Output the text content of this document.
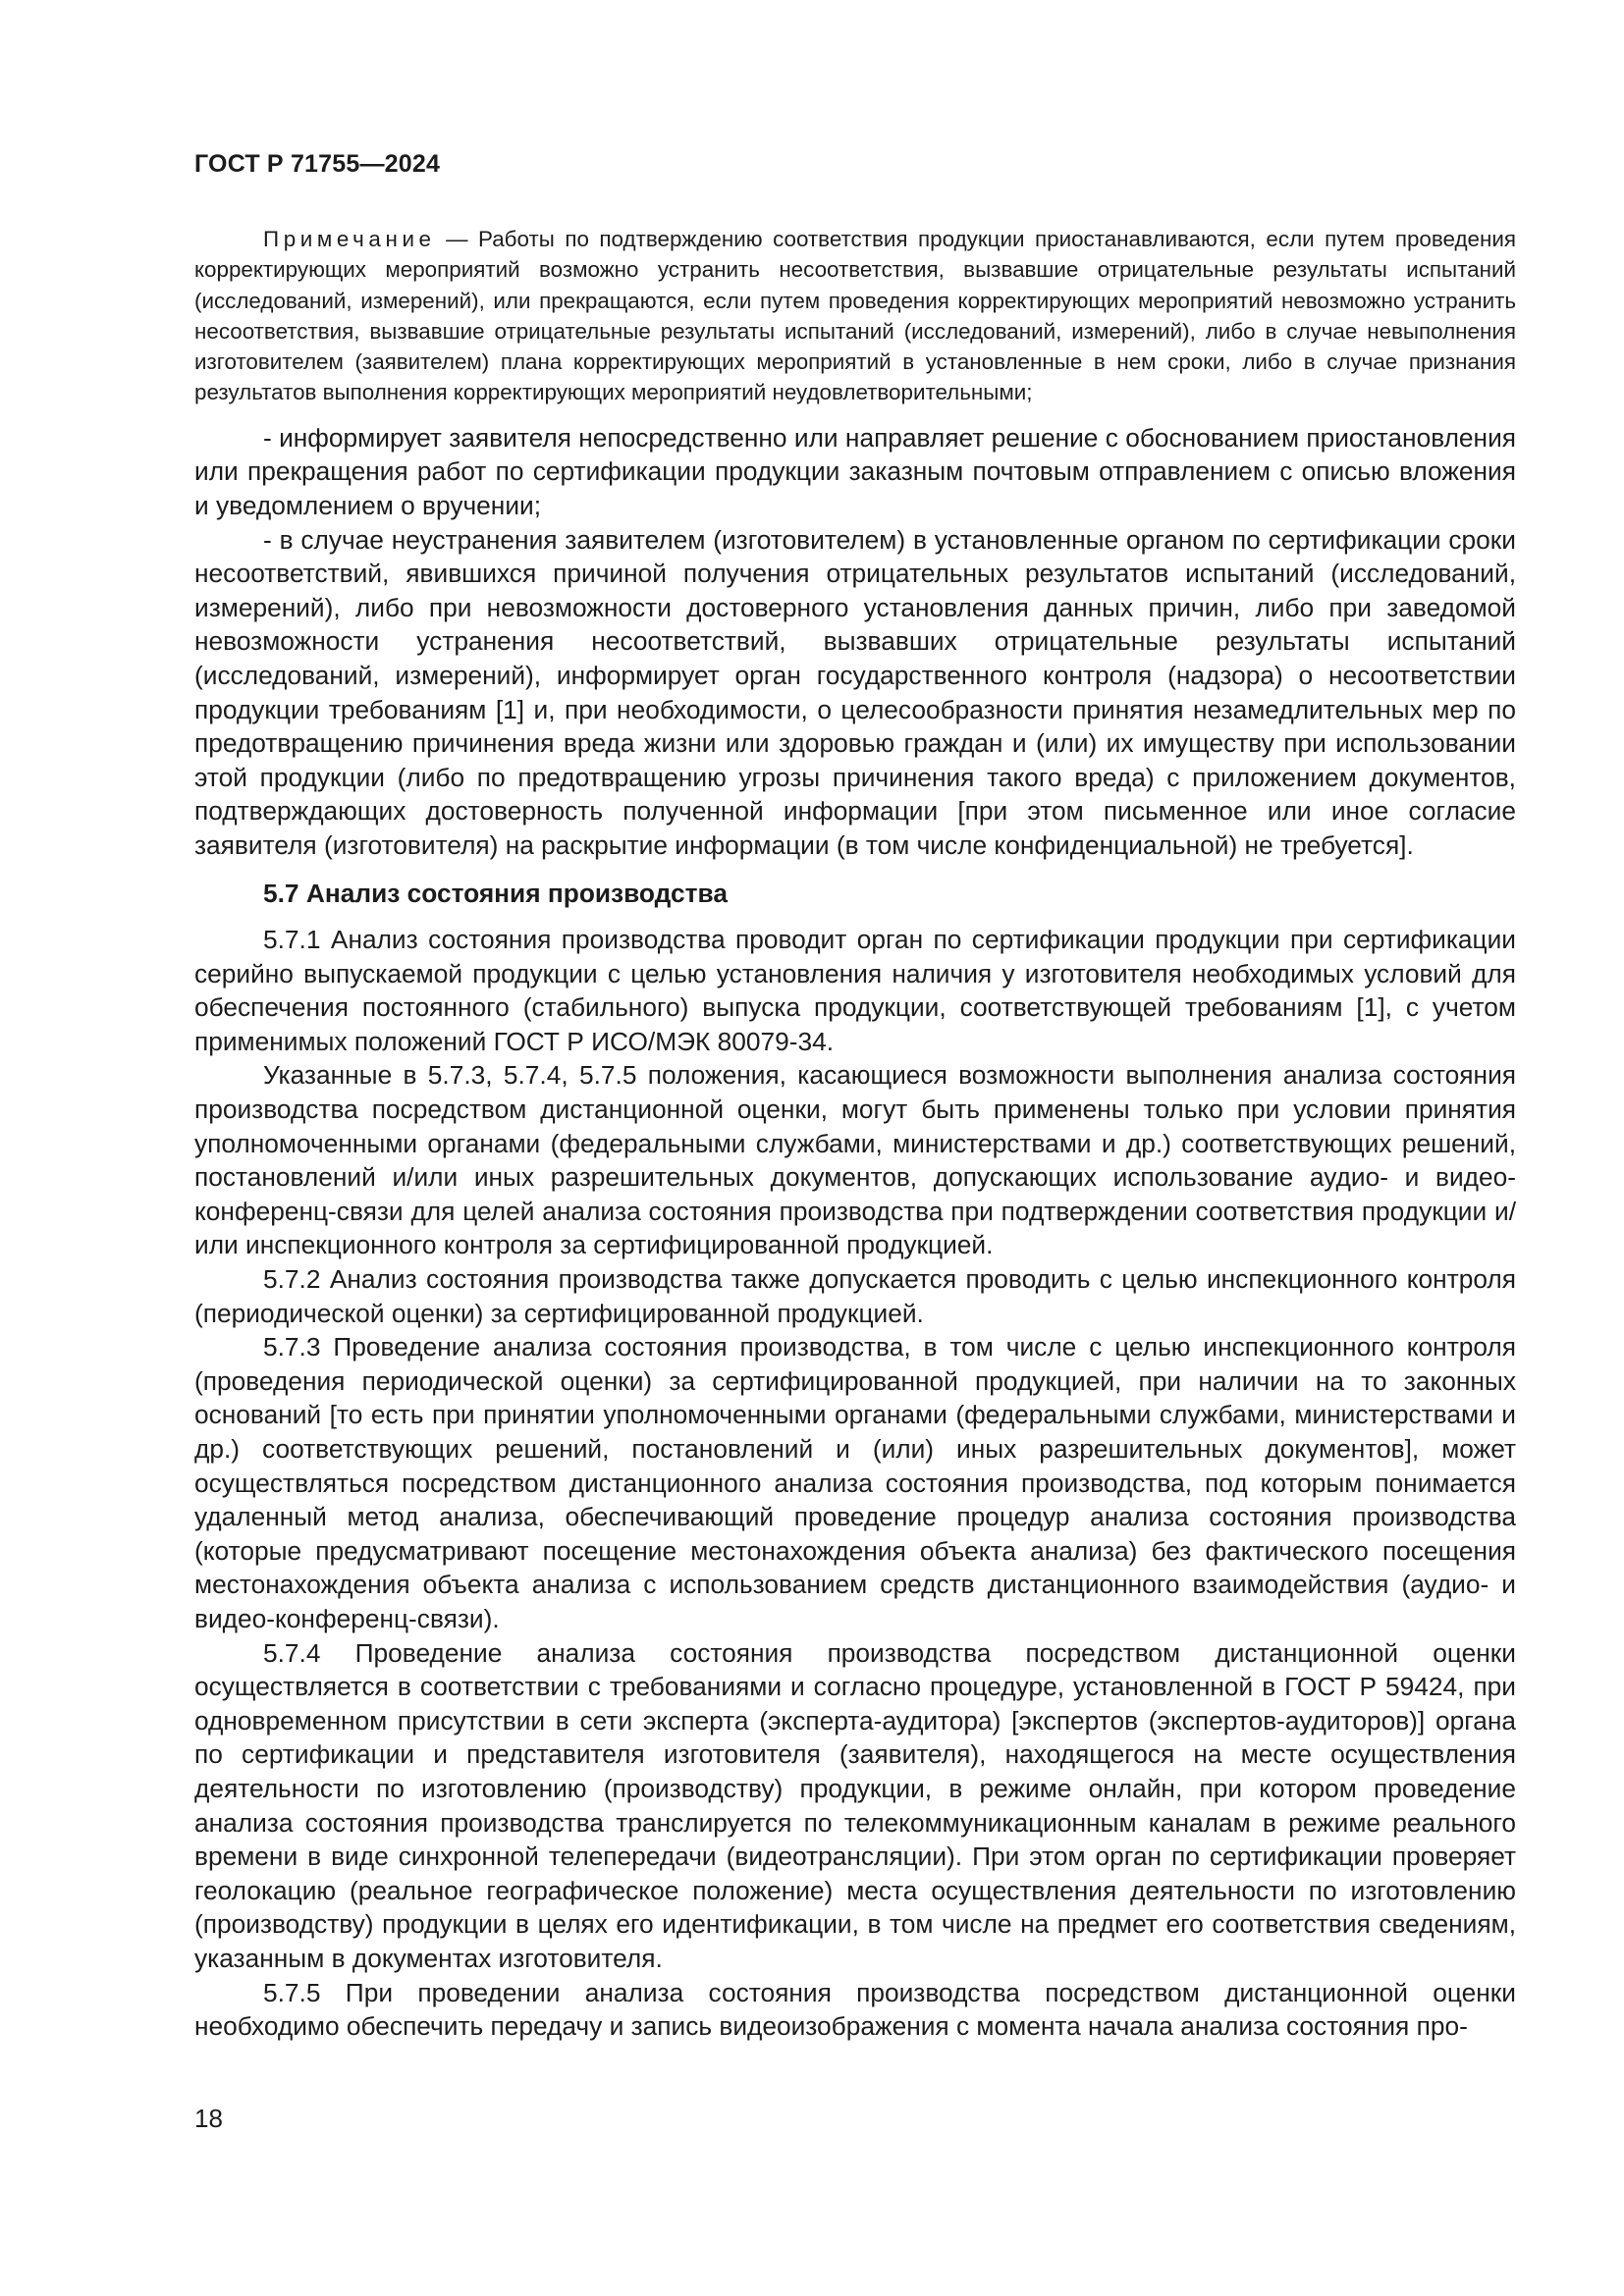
ГОСТ Р 71755—2024

Примечание — Работы по подтверждению соответствия продукции приостанавливаются, если путем проведения корректирующих мероприятий возможно устранить несоответствия, вызвавшие отрицательные результаты испытаний (исследований, измерений), или прекращаются, если путем проведения корректирующих мероприятий невозможно устранить несоответствия, вызвавшие отрицательные результаты испытаний (исследований, измерений), либо в случае невыполнения изготовителем (заявителем) плана корректирующих мероприятий в установленные в нем сроки, либо в случае признания результатов выполнения корректирующих мероприятий неудовлетворительными;

- информирует заявителя непосредственно или направляет решение с обоснованием приостановления или прекращения работ по сертификации продукции заказным почтовым отправлением с описью вложения и уведомлением о вручении;

- в случае неустранения заявителем (изготовителем) в установленные органом по сертификации сроки несоответствий, явившихся причиной получения отрицательных результатов испытаний (исследований, измерений), либо при невозможности достоверного установления данных причин, либо при заведомой невозможности устранения несоответствий, вызвавших отрицательные результаты испытаний (исследований, измерений), информирует орган государственного контроля (надзора) о несоответствии продукции требованиям [1] и, при необходимости, о целесообразности принятия незамедлительных мер по предотвращению причинения вреда жизни или здоровью граждан и (или) их имуществу при использовании этой продукции (либо по предотвращению угрозы причинения такого вреда) с приложением документов, подтверждающих достоверность полученной информации [при этом письменное или иное согласие заявителя (изготовителя) на раскрытие информации (в том числе конфиденциальной) не требуется].

5.7 Анализ состояния производства

5.7.1 Анализ состояния производства проводит орган по сертификации продукции при сертификации серийно выпускаемой продукции с целью установления наличия у изготовителя необходимых условий для обеспечения постоянного (стабильного) выпуска продукции, соответствующей требованиям [1], с учетом применимых положений ГОСТ Р ИСО/МЭК 80079-34.

Указанные в 5.7.3, 5.7.4, 5.7.5 положения, касающиеся возможности выполнения анализа состояния производства посредством дистанционной оценки, могут быть применены только при условии принятия уполномоченными органами (федеральными службами, министерствами и др.) соответствующих решений, постановлений и/или иных разрешительных документов, допускающих использование аудио- и видео-конференц-связи для целей анализа состояния производства при подтверждении соответствия продукции и/или инспекционного контроля за сертифицированной продукцией.

5.7.2 Анализ состояния производства также допускается проводить с целью инспекционного контроля (периодической оценки) за сертифицированной продукцией.

5.7.3 Проведение анализа состояния производства, в том числе с целью инспекционного контроля (проведения периодической оценки) за сертифицированной продукцией, при наличии на то законных оснований [то есть при принятии уполномоченными органами (федеральными службами, министерствами и др.) соответствующих решений, постановлений и (или) иных разрешительных документов], может осуществляться посредством дистанционного анализа состояния производства, под которым понимается удаленный метод анализа, обеспечивающий проведение процедур анализа состояния производства (которые предусматривают посещение местонахождения объекта анализа) без фактического посещения местонахождения объекта анализа с использованием средств дистанционного взаимодействия (аудио- и видео-конференц-связи).

5.7.4 Проведение анализа состояния производства посредством дистанционной оценки осуществляется в соответствии с требованиями и согласно процедуре, установленной в ГОСТ Р 59424, при одновременном присутствии в сети эксперта (эксперта-аудитора) [экспертов (экспертов-аудиторов)] органа по сертификации и представителя изготовителя (заявителя), находящегося на месте осуществления деятельности по изготовлению (производству) продукции, в режиме онлайн, при котором проведение анализа состояния производства транслируется по телекоммуникационным каналам в режиме реального времени в виде синхронной телепередачи (видеотрансляции). При этом орган по сертификации проверяет геолокацию (реальное географическое положение) места осуществления деятельности по изготовлению (производству) продукции в целях его идентификации, в том числе на предмет его соответствия сведениям, указанным в документах изготовителя.

5.7.5 При проведении анализа состояния производства посредством дистанционной оценки необходимо обеспечить передачу и запись видеоизображения с момента начала анализа состояния про-

18
